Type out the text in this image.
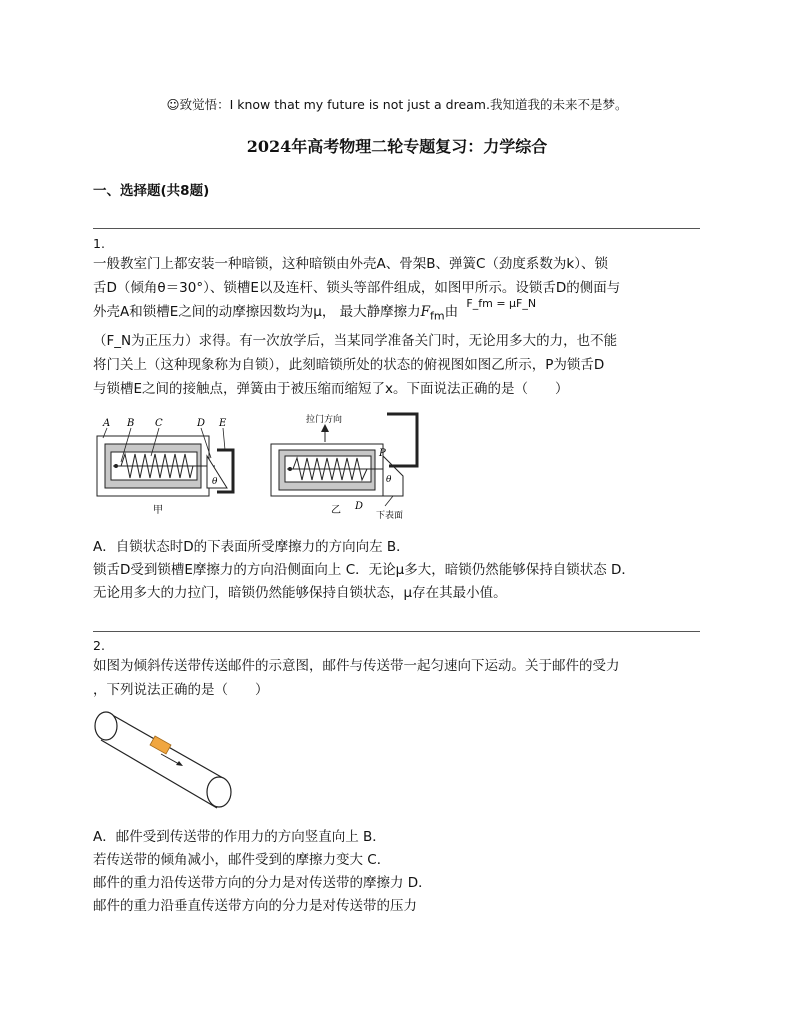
☺致觉悟：I know that my future is not just a dream.我知道我的未来不是梦。
2024年高考物理二轮专题复习：力学综合
一、选择题(共8题)
1.

一般教室门上都安装一种暗锁，这种暗锁由外壳A、骨架B、弹簧C（劲度系数为k）、锁

舌D（倾角θ＝30°）、锁槽E以及连杆、锁头等部件组成，如图甲所示。设锁舌D的侧面与

外壳A和锁槽E之间的动摩擦因数均为μ， 最大静摩擦力$F_{fm}$由 $^{F\_fm = \mu F\_N}$

（F_N为正压力）求得。有一次放学后，当某同学准备关门时，无论用多大的力，也不能

将门关上（这种现象称为自锁），此刻暗锁所处的状态的俯视图如图乙所示，P为锁舌D

与锁槽E之间的接触点，弹簧由于被压缩而缩短了x。下面说法正确的是（　　）

A B C	D E
θ
甲
拉门方向
P
θ
D
乙	下表面

A．自锁状态时D的下表面所受摩擦力的方向向左 B．

锁舌D受到锁槽E摩擦力的方向沿侧面向上 C．无论μ多大，暗锁仍然能够保持自锁状态 D．

无论用多大的力拉门，暗锁仍然能够保持自锁状态，μ存在其最小值。

2.

如图为倾斜传送带传送邮件的示意图，邮件与传送带一起匀速向下运动。关于邮件的受力

，下列说法正确的是（　　）

A．邮件受到传送带的作用力的方向竖直向上 B．

若传送带的倾角减小，邮件受到的摩擦力变大 C．

邮件的重力沿传送带方向的分力是对传送带的摩擦力 D．

邮件的重力沿垂直传送带方向的分力是对传送带的压力
